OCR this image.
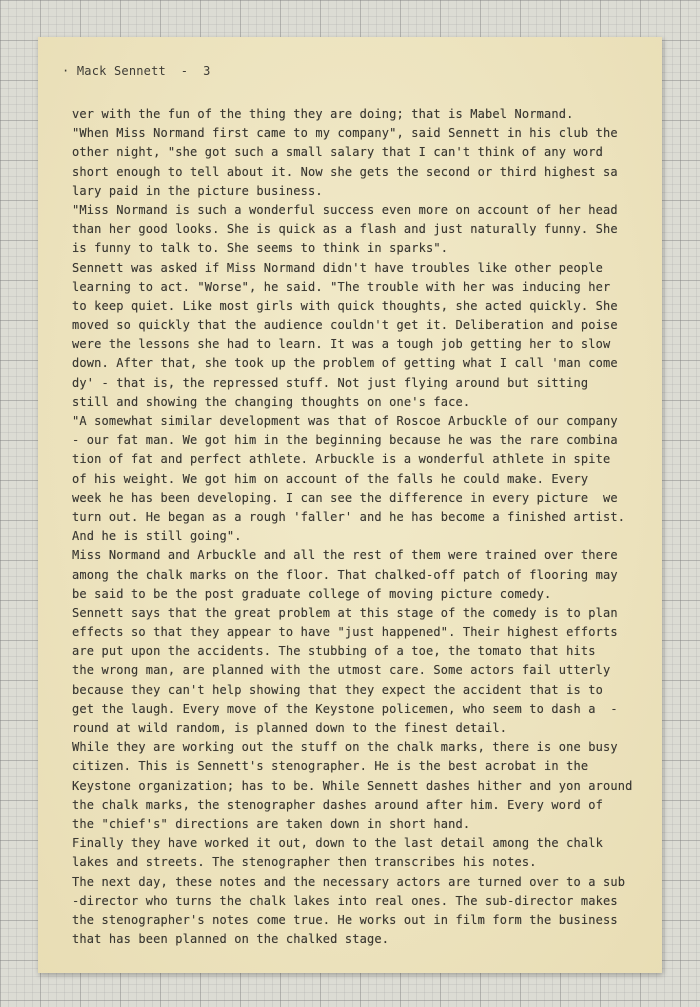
· Mack Sennett  -  3
ver with the fun of the thing they are doing; that is Mabel Normand.
"When Miss Normand first came to my company", said Sennett in his club the
other night, "she got such a small salary that I can't think of any word
short enough to tell about it. Now she gets the second or third highest sa
lary paid in the picture business.
"Miss Normand is such a wonderful success even more on account of her head
than her good looks. She is quick as a flash and just naturally funny. She
is funny to talk to. She seems to think in sparks".
Sennett was asked if Miss Normand didn't have troubles like other people
learning to act. "Worse", he said. "The trouble with her was inducing her
to keep quiet. Like most girls with quick thoughts, she acted quickly. She
moved so quickly that the audience couldn't get it. Deliberation and poise
were the lessons she had to learn. It was a tough job getting her to slow
down. After that, she took up the problem of getting what I call 'man come
dy' - that is, the repressed stuff. Not just flying around but sitting
still and showing the changing thoughts on one's face.
"A somewhat similar development was that of Roscoe Arbuckle of our company
- our fat man. We got him in the beginning because he was the rare combina
tion of fat and perfect athlete. Arbuckle is a wonderful athlete in spite
of his weight. We got him on account of the falls he could make. Every
week he has been developing. I can see the difference in every picture  we
turn out. He began as a rough 'faller' and he has become a finished artist.
And he is still going".
Miss Normand and Arbuckle and all the rest of them were trained over there
among the chalk marks on the floor. That chalked-off patch of flooring may
be said to be the post graduate college of moving picture comedy.
Sennett says that the great problem at this stage of the comedy is to plan
effects so that they appear to have "just happened". Their highest efforts
are put upon the accidents. The stubbing of a toe, the tomato that hits
the wrong man, are planned with the utmost care. Some actors fail utterly
because they can't help showing that they expect the accident that is to
get the laugh. Every move of the Keystone policemen, who seem to dash a  -
round at wild random, is planned down to the finest detail.
While they are working out the stuff on the chalk marks, there is one busy
citizen. This is Sennett's stenographer. He is the best acrobat in the
Keystone organization; has to be. While Sennett dashes hither and yon around
the chalk marks, the stenographer dashes around after him. Every word of
the "chief's" directions are taken down in short hand.
Finally they have worked it out, down to the last detail among the chalk
lakes and streets. The stenographer then transcribes his notes.
The next day, these notes and the necessary actors are turned over to a sub
-director who turns the chalk lakes into real ones. The sub-director makes
the stenographer's notes come true. He works out in film form the business
that has been planned on the chalked stage.
